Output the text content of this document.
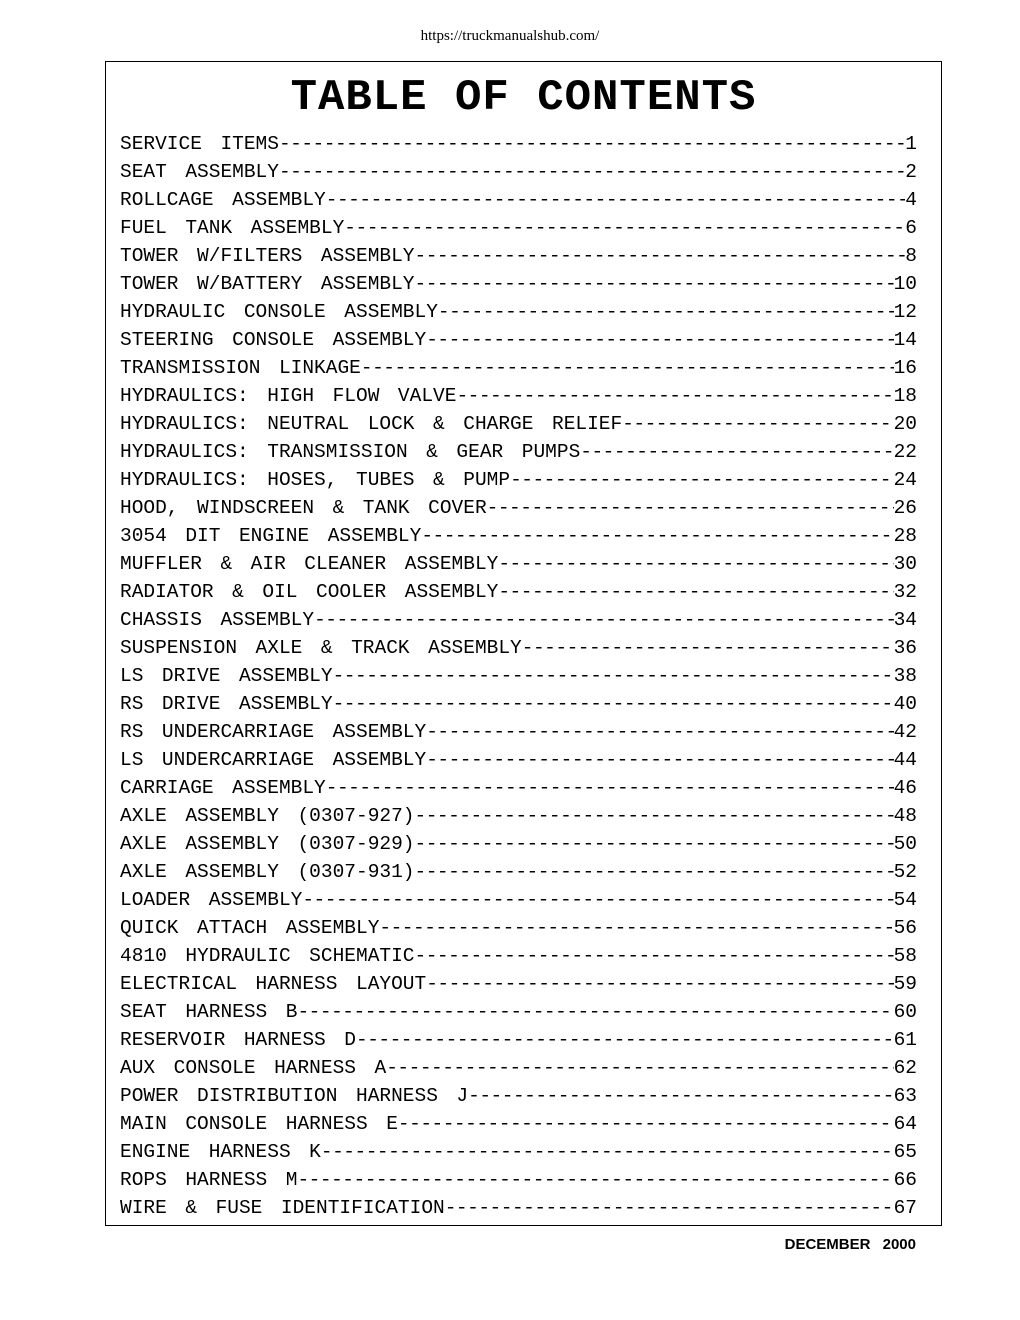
https://truckmanualshub.com/
TABLE OF CONTENTS
SERVICE ITEMS -----	1
SEAT ASSEMBLY -----	2
ROLLCAGE ASSEMBLY -----	4
FUEL TANK ASSEMBLY -----	6
TOWER W/FILTERS ASSEMBLY -----	8
TOWER W/BATTERY ASSEMBLY -----	10
HYDRAULIC CONSOLE ASSEMBLY -----	12
STEERING CONSOLE ASSEMBLY -----	14
TRANSMISSION LINKAGE -----	16
HYDRAULICS: HIGH FLOW VALVE -----	18
HYDRAULICS: NEUTRAL LOCK & CHARGE RELIEF -----	20
HYDRAULICS: TRANSMISSION & GEAR PUMPS -----	22
HYDRAULICS: HOSES, TUBES & PUMP -----	24
HOOD, WINDSCREEN & TANK COVER -----	26
3054 DIT ENGINE ASSEMBLY -----	28
MUFFLER & AIR CLEANER ASSEMBLY -----	30
RADIATOR & OIL COOLER ASSEMBLY -----	32
CHASSIS ASSEMBLY -----	34
SUSPENSION AXLE & TRACK ASSEMBLY -----	36
LS DRIVE ASSEMBLY -----	38
RS DRIVE ASSEMBLY -----	40
RS UNDERCARRIAGE ASSEMBLY -----	42
LS UNDERCARRIAGE ASSEMBLY -----	44
CARRIAGE ASSEMBLY -----	46
AXLE ASSEMBLY (0307-927) -----	48
AXLE ASSEMBLY (0307-929) -----	50
AXLE ASSEMBLY (0307-931) -----	52
LOADER ASSEMBLY -----	54
QUICK ATTACH ASSEMBLY -----	56
4810 HYDRAULIC SCHEMATIC -----	58
ELECTRICAL HARNESS LAYOUT -----	59
SEAT HARNESS B -----	60
RESERVOIR HARNESS D -----	61
AUX CONSOLE HARNESS A -----	62
POWER DISTRIBUTION HARNESS J -----	63
MAIN CONSOLE HARNESS E -----	64
ENGINE HARNESS K -----	65
ROPS HARNESS M -----	66
WIRE & FUSE IDENTIFICATION -----	67
DECEMBER 2000
